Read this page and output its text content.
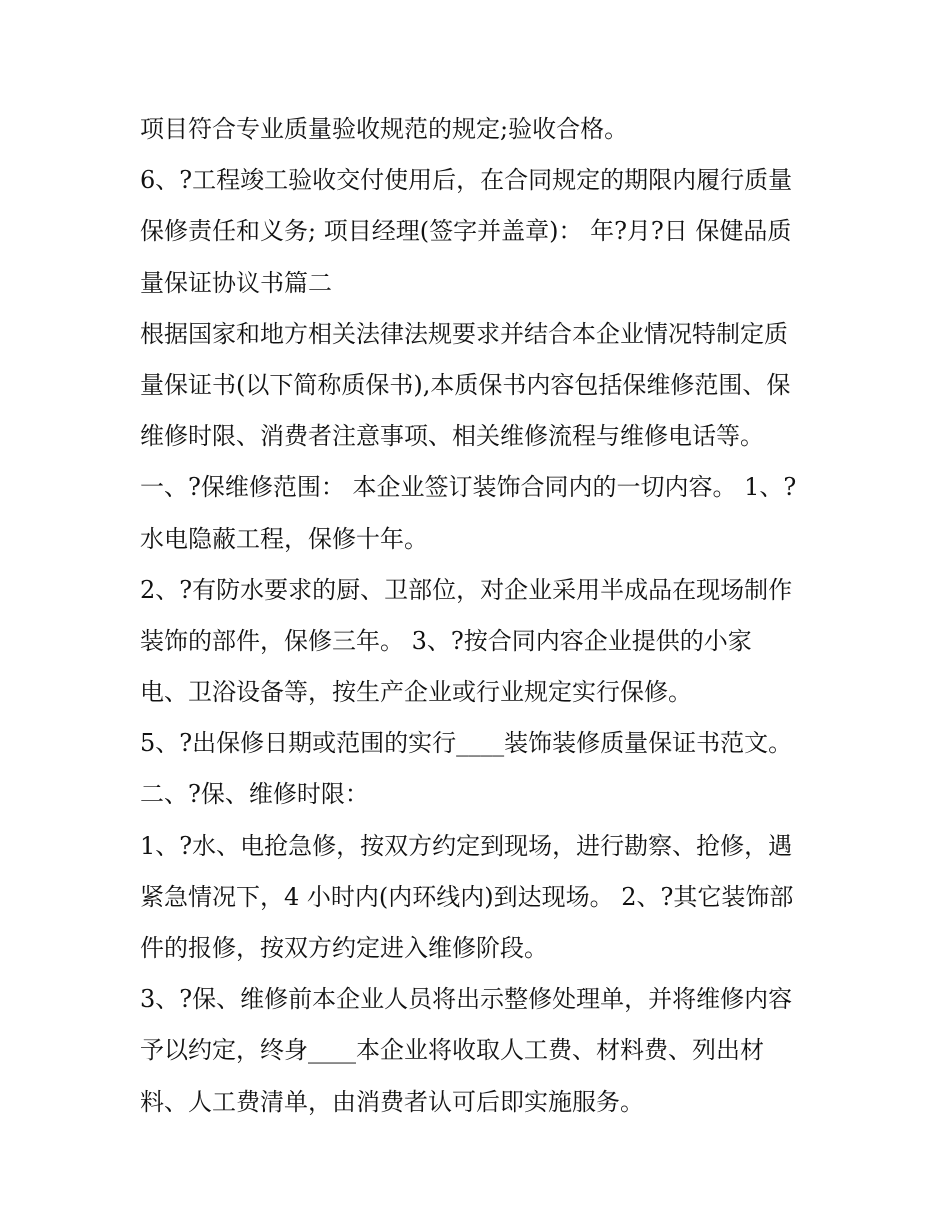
项目符合专业质量验收规范的规定;验收合格。
6、?工程竣工验收交付使用后，在合同规定的期限内履行质量
保修责任和义务; 项目经理(签字并盖章)： 年?月?日 保健品质
量保证协议书篇二
根据国家和地方相关法律法规要求并结合本企业情况特制定质
量保证书(以下简称质保书),本质保书内容包括保维修范围、保
维修时限、消费者注意事项、相关维修流程与维修电话等。
一、?保维修范围： 本企业签订装饰合同内的一切内容。 1、?
水电隐蔽工程，保修十年。
2、?有防水要求的厨、卫部位，对企业采用半成品在现场制作
装饰的部件，保修三年。 3、?按合同内容企业提供的小家
电、卫浴设备等，按生产企业或行业规定实行保修。
5、?出保修日期或范围的实行____装饰装修质量保证书范文。
二、?保、维修时限：
1、?水、电抢急修，按双方约定到现场，进行勘察、抢修，遇
紧急情况下，4 小时内(内环线内)到达现场。 2、?其它装饰部
件的报修，按双方约定进入维修阶段。
3、?保、维修前本企业人员将出示整修处理单，并将维修内容
予以约定，终身____本企业将收取人工费、材料费、列出材
料、人工费清单，由消费者认可后即实施服务。
